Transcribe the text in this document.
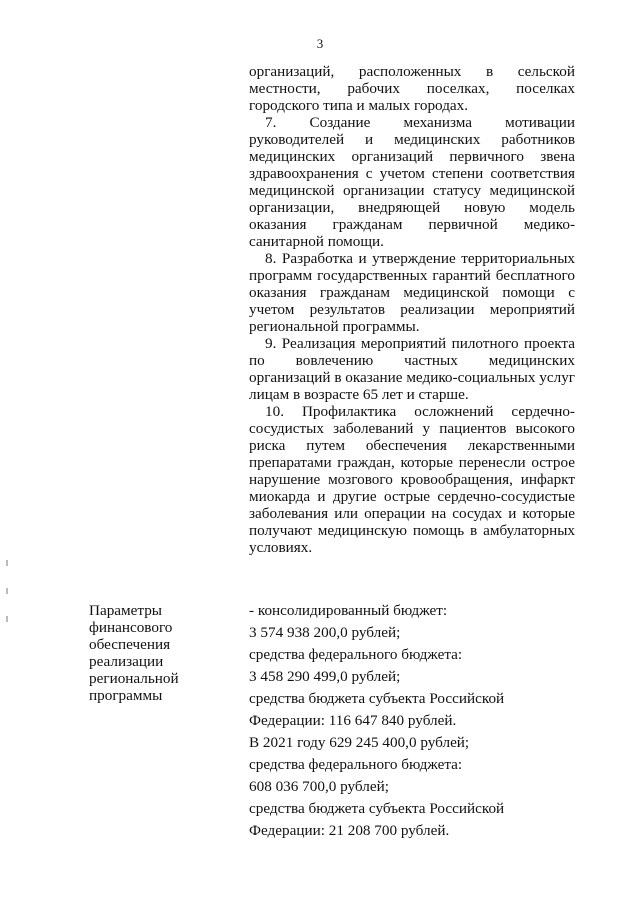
3

организаций, расположенных в сельской местности, рабочих поселках, поселках городского типа и малых городах.

7. Создание механизма мотивации руководителей и медицинских работников медицинских организаций первичного звена здравоохранения с учетом степени соответствия медицинской организации статусу медицинской организации, внедряющей новую модель оказания гражданам первичной медико-санитарной помощи.

8. Разработка и утверждение территориальных программ государственных гарантий бесплатного оказания гражданам медицинской помощи с учетом результатов реализации мероприятий региональной программы.

9. Реализация мероприятий пилотного проекта по вовлечению частных медицинских организаций в оказание медико-социальных услуг лицам в возрасте 65 лет и старше.

10. Профилактика осложнений сердечно-сосудистых заболеваний у пациентов высокого риска путем обеспечения лекарственными препаратами граждан, которые перенесли острое нарушение мозгового кровообращения, инфаркт миокарда и другие острые сердечно-сосудистые заболевания или операции на сосудах и которые получают медицинскую помощь в амбулаторных условиях.

Параметры
финансового
обеспечения
реализации
региональной
программы
- консолидированный бюджет:
3 574 938 200,0 рублей;
средства федерального бюджета:
3 458 290 499,0 рублей;
средства бюджета субъекта Российской
Федерации: 116 647 840 рублей.
В 2021 году 629 245 400,0 рублей;
средства федерального бюджета:
608 036 700,0 рублей;
средства бюджета субъекта Российской
Федерации: 21 208 700 рублей.
